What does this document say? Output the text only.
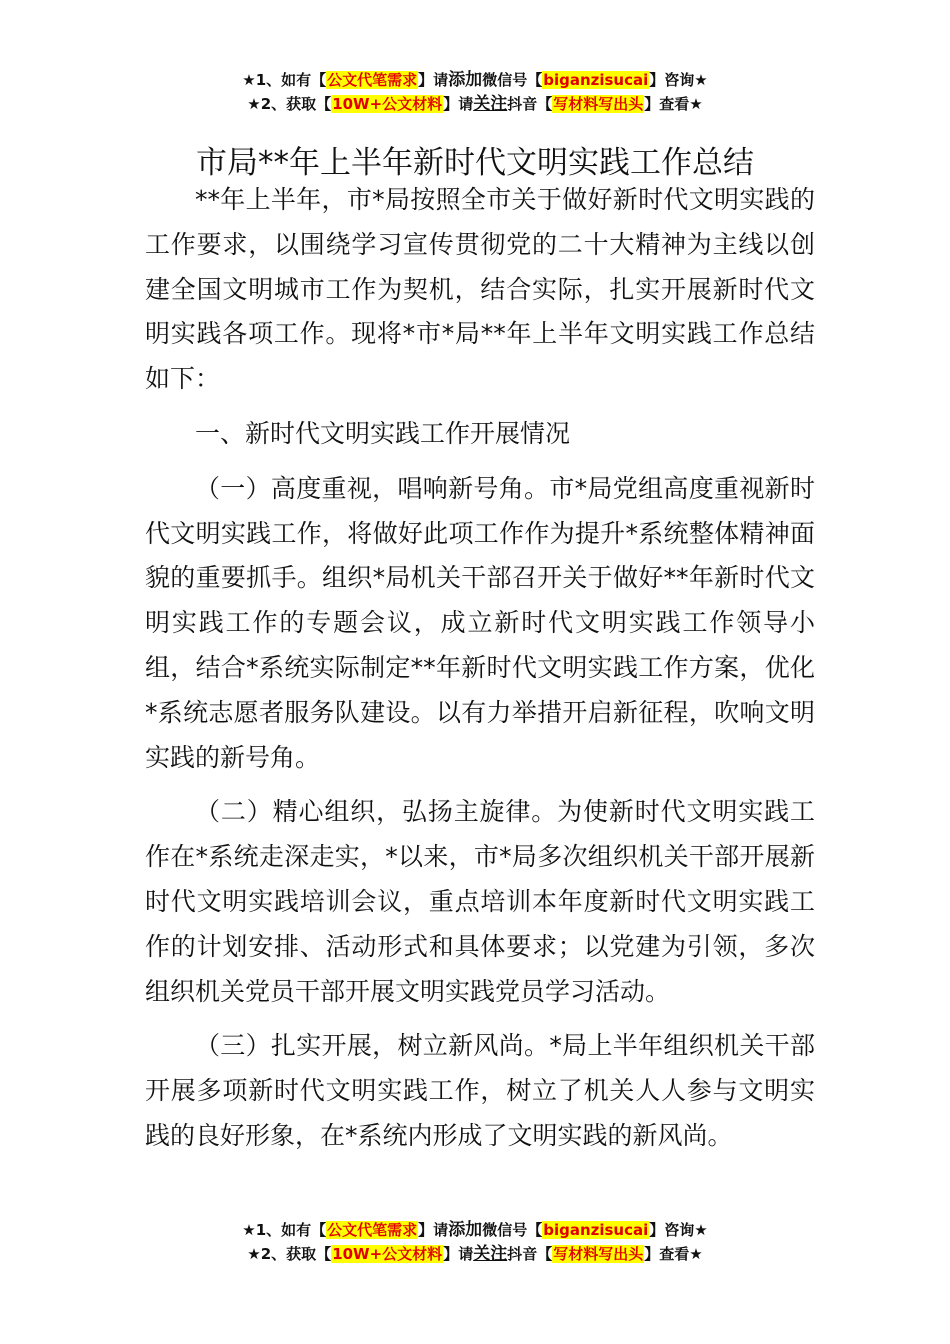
★1、如有【公文代笔需求】请添加微信号【biganzisucai】咨询★
★2、获取【10W+公文材料】请关注抖音【写材料写出头】查看★
市局**年上半年新时代文明实践工作总结

**年上半年，市*局按照全市关于做好新时代文明实践的工作要求，以围绕学习宣传贯彻党的二十大精神为主线以创建全国文明城市工作为契机，结合实际，扎实开展新时代文明实践各项工作。现将*市*局**年上半年文明实践工作总结如下：

一、新时代文明实践工作开展情况

（一）高度重视，唱响新号角。市*局党组高度重视新时代文明实践工作，将做好此项工作作为提升*系统整体精神面貌的重要抓手。组织*局机关干部召开关于做好**年新时代文明实践工作的专题会议，成立新时代文明实践工作领导小组，结合*系统实际制定**年新时代文明实践工作方案，优化*系统志愿者服务队建设。以有力举措开启新征程，吹响文明实践的新号角。

（二）精心组织，弘扬主旋律。为使新时代文明实践工作在*系统走深走实，*以来，市*局多次组织机关干部开展新时代文明实践培训会议，重点培训本年度新时代文明实践工作的计划安排、活动形式和具体要求；以党建为引领，多次组织机关党员干部开展文明实践党员学习活动。

（三）扎实开展，树立新风尚。*局上半年组织机关干部开展多项新时代文明实践工作，树立了机关人人参与文明实践的良好形象，在*系统内形成了文明实践的新风尚。

★1、如有【公文代笔需求】请添加微信号【biganzisucai】咨询★
★2、获取【10W+公文材料】请关注抖音【写材料写出头】查看★
